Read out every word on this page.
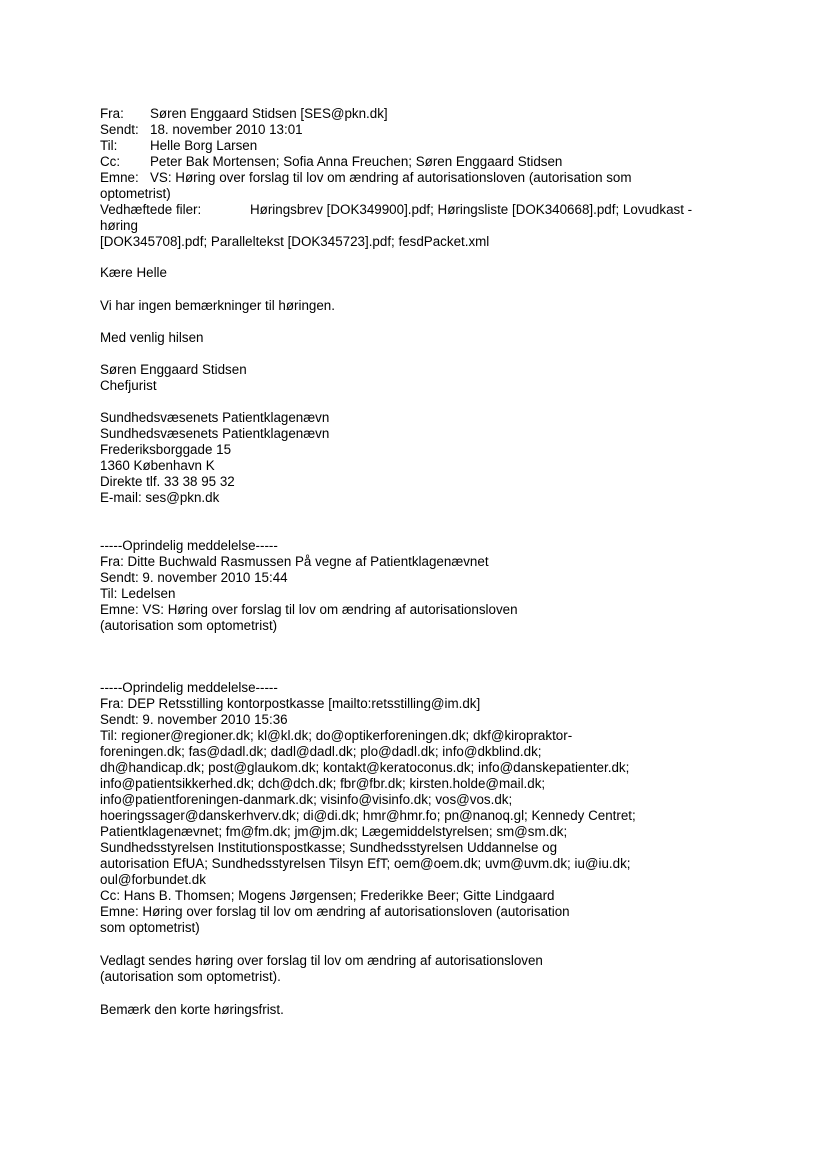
Fra:	Søren Enggaard Stidsen [SES@pkn.dk]
Sendt: 18. november 2010 13:01
Til:	Helle Borg Larsen
Cc:	Peter Bak Mortensen; Sofia Anna Freuchen; Søren Enggaard Stidsen
Emne: VS: Høring over forslag til lov om ændring af autorisationsloven (autorisation som
optometrist)
Vedhæftede filer:	Høringsbrev [DOK349900].pdf; Høringsliste [DOK340668].pdf; Lovudkast -
høring
[DOK345708].pdf; Paralleltekst [DOK345723].pdf; fesdPacket.xml
Kære Helle
Vi har ingen bemærkninger til høringen.
Med venlig hilsen
Søren Enggaard Stidsen
Chefjurist
Sundhedsvæsenets Patientklagenævn
Sundhedsvæsenets Patientklagenævn
Frederiksborggade 15
1360 København K
Direkte tlf. 33 38 95 32
E-mail: ses@pkn.dk
-----Oprindelig meddelelse-----
Fra: Ditte Buchwald Rasmussen På vegne af Patientklagenævnet
Sendt: 9. november 2010 15:44
Til: Ledelsen
Emne: VS: Høring over forslag til lov om ændring af autorisationsloven
(autorisation som optometrist)
-----Oprindelig meddelelse-----
Fra: DEP Retsstilling kontorpostkasse [mailto:retsstilling@im.dk]
Sendt: 9. november 2010 15:36
Til: regioner@regioner.dk; kl@kl.dk; do@optikerforeningen.dk; dkf@kiropraktor-
foreningen.dk; fas@dadl.dk; dadl@dadl.dk; plo@dadl.dk; info@dkblind.dk;
dh@handicap.dk; post@glaukom.dk; kontakt@keratoconus.dk; info@danskepatienter.dk;
info@patientsikkerhed.dk; dch@dch.dk; fbr@fbr.dk; kirsten.holde@mail.dk;
info@patientforeningen-danmark.dk; visinfo@visinfo.dk; vos@vos.dk;
hoeringssager@danskerhverv.dk; di@di.dk; hmr@hmr.fo; pn@nanoq.gl; Kennedy Centret;
Patientklagenævnet; fm@fm.dk; jm@jm.dk; Lægemiddelstyrelsen; sm@sm.dk;
Sundhedsstyrelsen Institutionspostkasse; Sundhedsstyrelsen Uddannelse og
autorisation EfUA; Sundhedsstyrelsen Tilsyn EfT; oem@oem.dk; uvm@uvm.dk; iu@iu.dk;
oul@forbundet.dk
Cc: Hans B. Thomsen; Mogens Jørgensen; Frederikke Beer; Gitte Lindgaard
Emne: Høring over forslag til lov om ændring af autorisationsloven (autorisation
som optometrist)
Vedlagt sendes høring over forslag til lov om ændring af autorisationsloven
(autorisation som optometrist).
Bemærk den korte høringsfrist.
